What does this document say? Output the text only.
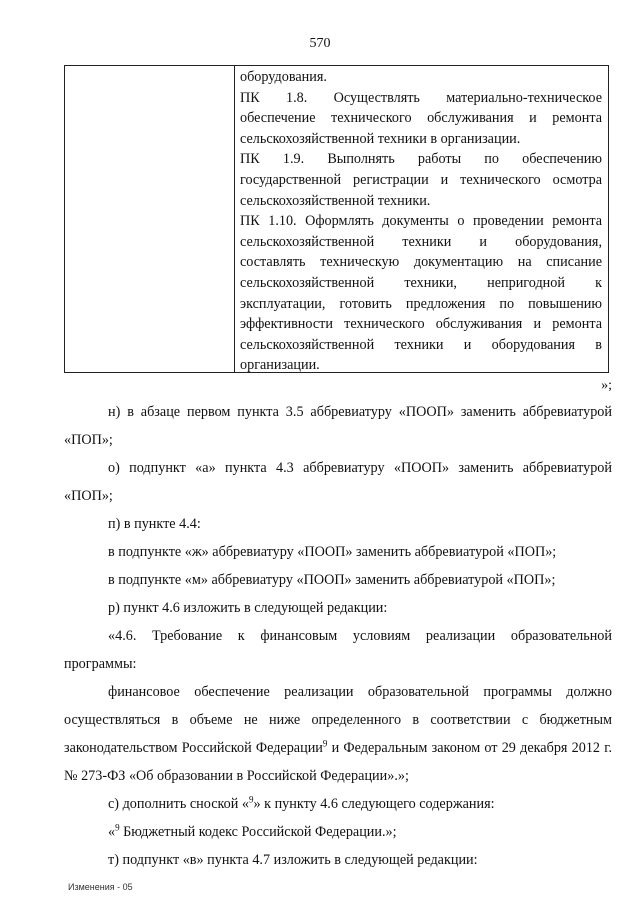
570

оборудования.

ПК 1.8. Осуществлять материально-техническое
обеспечение технического обслуживания и ремонта
сельскохозяйственной техники в организации.

ПК 1.9. Выполнять работы по обеспечению
государственной регистрации и технического осмотра
сельскохозяйственной техники.

ПК 1.10. Оформлять документы о проведении ремонта
сельскохозяйственной техники и оборудования,
составлять техническую документацию на списание
сельскохозяйственной техники, непригодной к
эксплуатации, готовить предложения по повышению
эффективности технического обслуживания и ремонта
сельскохозяйственной техники и оборудования в
организации.

»;

н) в абзаце первом пункта 3.5 аббревиатуру «ПООП» заменить аббревиатурой «ПОП»;

о) подпункт «а» пункта 4.3 аббревиатуру «ПООП» заменить аббревиатурой «ПОП»;

п) в пункте 4.4:

в подпункте «ж» аббревиатуру «ПООП» заменить аббревиатурой «ПОП»;

в подпункте «м» аббревиатуру «ПООП» заменить аббревиатурой «ПОП»;

р) пункт 4.6 изложить в следующей редакции:

«4.6. Требование к финансовым условиям реализации образовательной программы:

финансовое обеспечение реализации образовательной программы должно осуществляться в объеме не ниже определенного в соответствии с бюджетным законодательством Российской Федерации$^9$ и Федеральным законом от 29 декабря 2012 г. № 273-ФЗ «Об образовании в Российской Федерации».»;

с) дополнить сноской «$^9$» к пункту 4.6 следующего содержания:

«$^9$ Бюджетный кодекс Российской Федерации.»;

т) подпункт «в» пункта 4.7 изложить в следующей редакции:

Изменения - 05
